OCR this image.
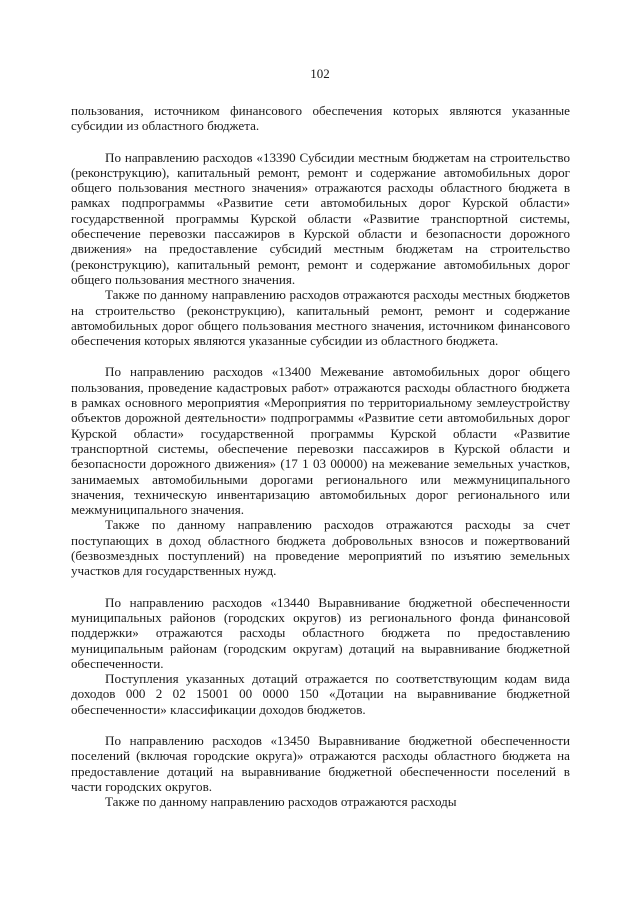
102

пользования, источником финансового обеспечения которых являются указанные субсидии из областного бюджета.

По направлению расходов «13390 Субсидии местным бюджетам на строительство (реконструкцию), капитальный ремонт, ремонт и содержание автомобильных дорог общего пользования местного значения» отражаются расходы областного бюджета в рамках подпрограммы «Развитие сети автомобильных дорог Курской области» государственной программы Курской области «Развитие транспортной системы, обеспечение перевозки пассажиров в Курской области и безопасности дорожного движения» на предоставление субсидий местным бюджетам на строительство (реконструкцию), капитальный ремонт, ремонт и содержание автомобильных дорог общего пользования местного значения.

Также по данному направлению расходов отражаются расходы местных бюджетов на строительство (реконструкцию), капитальный ремонт, ремонт и содержание автомобильных дорог общего пользования местного значения, источником финансового обеспечения которых являются указанные субсидии из областного бюджета.

По направлению расходов «13400 Межевание автомобильных дорог общего пользования, проведение кадастровых работ» отражаются расходы областного бюджета в рамках основного мероприятия «Мероприятия по территориальному землеустройству объектов дорожной деятельности» подпрограммы «Развитие сети автомобильных дорог Курской области» государственной программы Курской области «Развитие транспортной системы, обеспечение перевозки пассажиров в Курской области и безопасности дорожного движения» (17 1 03 00000) на межевание земельных участков, занимаемых автомобильными дорогами регионального или межмуниципального значения, техническую инвентаризацию автомобильных дорог регионального или межмуниципального значения.

Также по данному направлению расходов отражаются расходы за счет поступающих в доход областного бюджета добровольных взносов и пожертвований (безвозмездных поступлений) на проведение мероприятий по изъятию земельных участков для государственных нужд.

По направлению расходов «13440 Выравнивание бюджетной обеспеченности муниципальных районов (городских округов) из регионального фонда финансовой поддержки» отражаются расходы областного бюджета по предоставлению муниципальным районам (городским округам) дотаций на выравнивание бюджетной обеспеченности.

Поступления указанных дотаций отражается по соответствующим кодам вида доходов 000 2 02 15001 00 0000 150 «Дотации на выравнивание бюджетной обеспеченности» классификации доходов бюджетов.

По направлению расходов «13450 Выравнивание бюджетной обеспеченности поселений (включая городские округа)» отражаются расходы областного бюджета на предоставление дотаций на выравнивание бюджетной обеспеченности поселений в части городских округов.

Также по данному направлению расходов отражаются расходы
